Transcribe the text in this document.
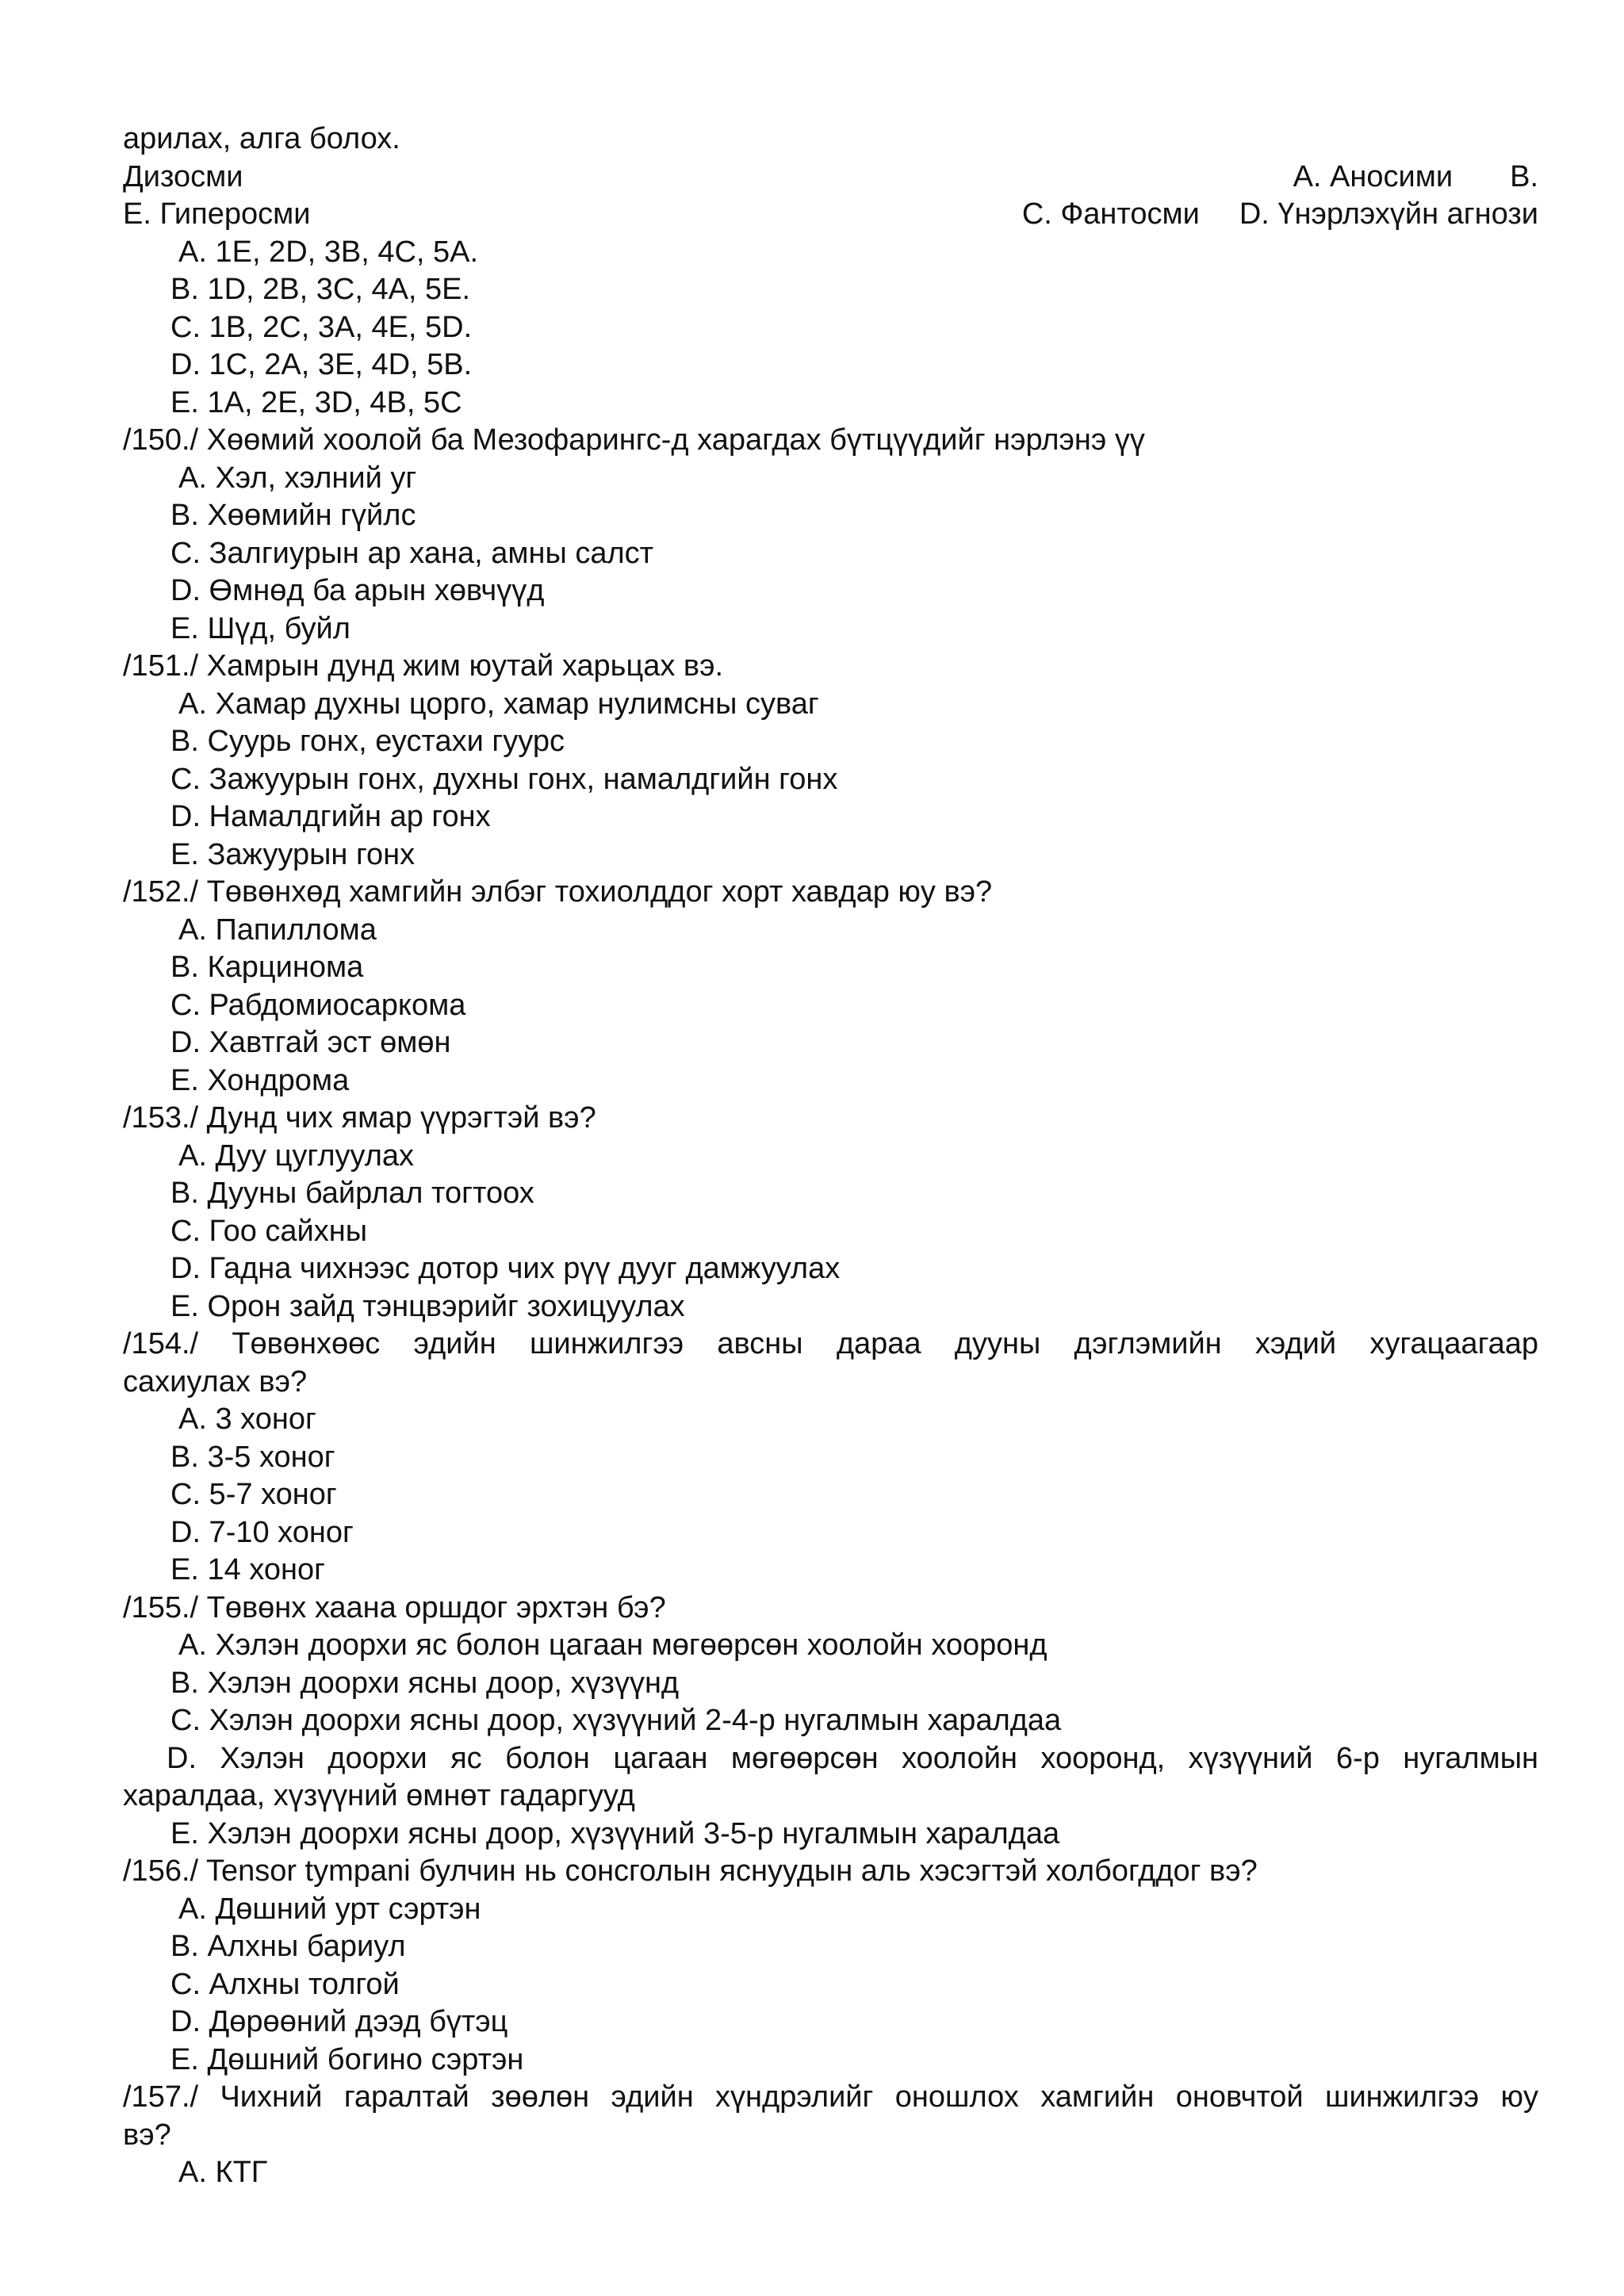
арилах, алга болох.

A. Аносими B.

Дизосми

C. Фантосми D. Үнэрлэхүйн агнози

E. Гиперосми
A. 1E, 2D, 3B, 4C, 5A.
B. 1D, 2B, 3C, 4A, 5E.
C. 1B, 2C, 3A, 4E, 5D.
D. 1C, 2A, 3E, 4D, 5B.
E. 1A, 2E, 3D, 4B, 5C
/150./ Хөөмий хоолой ба Мезофарингс-д харагдах бүтцүүдийг нэрлэнэ үү
A. Хэл, хэлний уг
B. Хөөмийн гүйлс
C. Залгиурын ар хана, амны салст
D. Өмнөд ба арын хөвчүүд
E. Шүд, буйл
/151./ Хамрын дунд жим юутай харьцах вэ.
A. Хамар духны цорго, хамар нулимсны суваг
B. Суурь гонх, еустахи гуурс
C. Зажуурын гонх, духны гонх, намалдгийн гонх
D. Намалдгийн ар гонх
E. Зажуурын гонх
/152./ Төвөнхөд хамгийн элбэг тохиолддог хорт хавдар юу вэ?
A. Папиллома
B. Карцинома
C. Рабдомиосаркома
D. Хавтгай эст өмөн
E. Хондрома
/153./ Дунд чих ямар үүрэгтэй вэ?
A. Дуу цуглуулах
B. Дууны байрлал тогтоох
C. Гоо сайхны
D. Гадна чихнээс дотор чих рүү дууг дамжуулах
E. Орон зайд тэнцвэрийг зохицуулах
/154./ Төвөнхөөс эдийн шинжилгээ авсны дараа дууны дэглэмийн хэдий хугацаагаар
сахиулах вэ?
A. 3 хоног
B. 3-5 хоног
C. 5-7 хоног
D. 7-10 хоног
E. 14 хоног
/155./ Төвөнх хаана оршдог эрхтэн бэ?
A. Хэлэн доорхи яс болон цагаан мөгөөрсөн хоолойн хооронд
B. Хэлэн доорхи ясны доор, хүзүүнд
C. Хэлэн доорхи ясны доор, хүзүүний 2-4-р нугалмын харалдаа
D. Хэлэн доорхи яс болон цагаан мөгөөрсөн хоолойн хооронд, хүзүүний 6-р нугалмын
харалдаа, хүзүүний өмнөт гадаргууд
E. Хэлэн доорхи ясны доор, хүзүүний 3-5-р нугалмын харалдаа
/156./ Tensor tympani булчин нь сонсголын яснуудын аль хэсэгтэй холбогддог вэ?
A. Дөшний урт сэртэн
B. Алхны бариул
C. Алхны толгой
D. Дөрөөний дээд бүтэц
E. Дөшний богино сэртэн
/157./ Чихний гаралтай зөөлөн эдийн хүндрэлийг оношлох хамгийн оновчтой шинжилгээ юу
вэ?
A. КТГ
